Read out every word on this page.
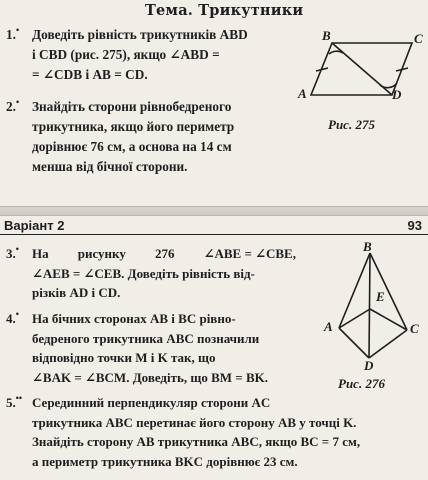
Тема. Трикутники
1.• Доведіть рівність трикутників ABD
і CBD (рис. 275), якщо ∠ABD =
= ∠CDB і AB = CD.
2.• Знайдіть сторони рівнобедреного
трикутника, якщо його периметр
дорівнює 76 см, а основа на 14 см
менша від бічної сторони.
B	C
A	D
Рис. 275
Варіант 2	93
3.• На рисунку 276 ∠ABE = ∠CBE,
∠AEB = ∠CEB. Доведіть рівність від-
різків AD і CD.
4.• На бічних сторонах AB і BC рівно-
бедреного трикутника ABC позначили
відповідно точки M і K так, що
∠BAK = ∠BCM. Доведіть, що BM = BK.
5.•• Серединний перпендикуляр сторони AC
трикутника ABC перетинає його сторону AB у точці K.
Знайдіть сторону AB трикутника ABC, якщо BC = 7 см,
а периметр трикутника BKC дорівнює 23 см.
B
E
A	C
D
Рис. 276
